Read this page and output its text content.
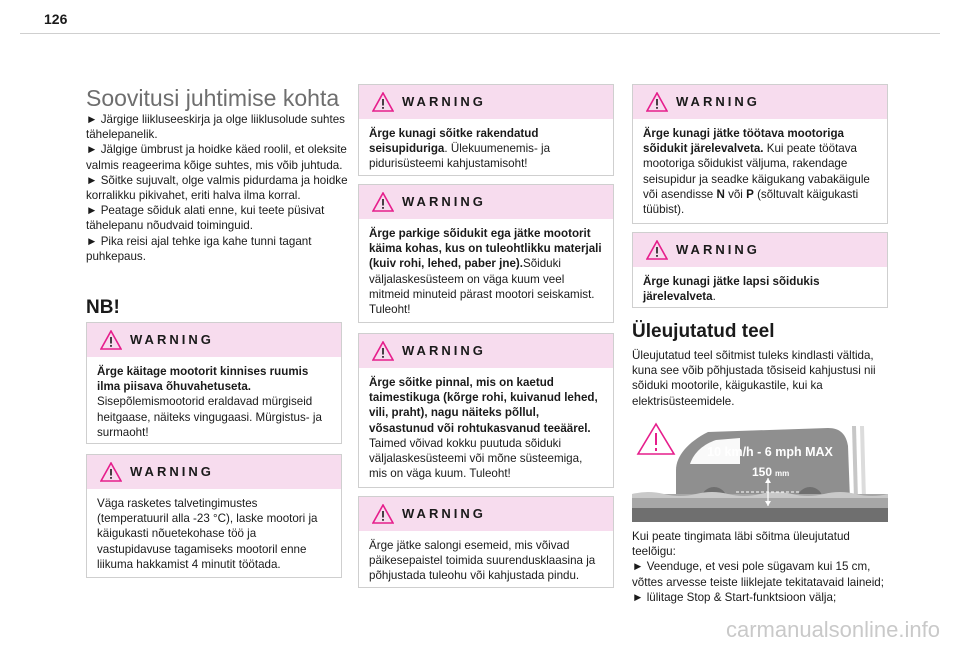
126
Soovitusi juhtimise kohta
► Järgige liikluseeskirja ja olge liiklusolude suhtes tähelepanelik.
► Jälgige ümbrust ja hoidke käed roolil, et oleksite valmis reageerima kõige suhtes, mis võib juhtuda.
► Sõitke sujuvalt, olge valmis pidurdama ja hoidke korralikku pikivahet, eriti halva ilma korral.
► Peatage sõiduk alati enne, kui teete püsivat tähelepanu nõudvaid toiminguid.
► Pika reisi ajal tehke iga kahe tunni tagant puhkepaus.
NB!
WARNING
Ärge käitage mootorit kinnises ruumis ilma piisava õhuvahetuseta. Sisepõlemismootorid eraldavad mürgiseid heitgaase, näiteks vingugaasi. Mürgistus- ja surmaoht!
WARNING
Väga rasketes talvetingimustes (temperatuuril alla -23 °C), laske mootori ja käigukasti nõuetekohase töö ja vastupidavuse tagamiseks mootoril enne liikuma hakkamist 4 minutit töötada.
WARNING
Ärge kunagi sõitke rakendatud seisupiduriga. Ülekuumenemis- ja pidurisüsteemi kahjustamisoht!
WARNING
Ärge parkige sõidukit ega jätke mootorit käima kohas, kus on tuleohtlikku materjali (kuiv rohi, lehed, paber jne).Sõiduki väljalaskesüsteem on väga kuum veel mitmeid minuteid pärast mootori seiskamist. Tuleoht!
WARNING
Ärge sõitke pinnal, mis on kaetud taimestikuga (kõrge rohi, kuivanud lehed, vili, praht), nagu näiteks põllul, võsastunud või rohtukasvanud teeäärel. Taimed võivad kokku puutuda sõiduki väljalaskesüsteemi või mõne süsteemiga, mis on väga kuum. Tuleoht!
WARNING
Ärge jätke salongi esemeid, mis võivad päikesepaistel toimida suurendusklaasina ja põhjustada tuleohu või kahjustada pindu.
WARNING
Ärge kunagi jätke töötava mootoriga sõidukit järelevalveta. Kui peate töötava mootoriga sõidukist väljuma, rakendage seisupidur ja seadke käigukang vabakäigule või asendisse N või P (sõltuvalt käigukasti tüübist).
WARNING
Ärge kunagi jätke lapsi sõidukis järelevalveta.
Üleujutatud teel
Üleujutatud teel sõitmist tuleks kindlasti vältida, kuna see võib põhjustada tõsiseid kahjustusi nii sõiduki mootorile, käigukastile, kui ka elektrisüsteemidele.
Kui peate tingimata läbi sõitma üleujutatud teelõigu:
► Veenduge, et vesi pole sügavam kui 15 cm, võttes arvesse teiste liiklejate tekitatavaid laineid;
► lülitage Stop & Start-funktsioon välja;
10 km/h - 6 mph MAX
150 mm
carmanualsonline.info
